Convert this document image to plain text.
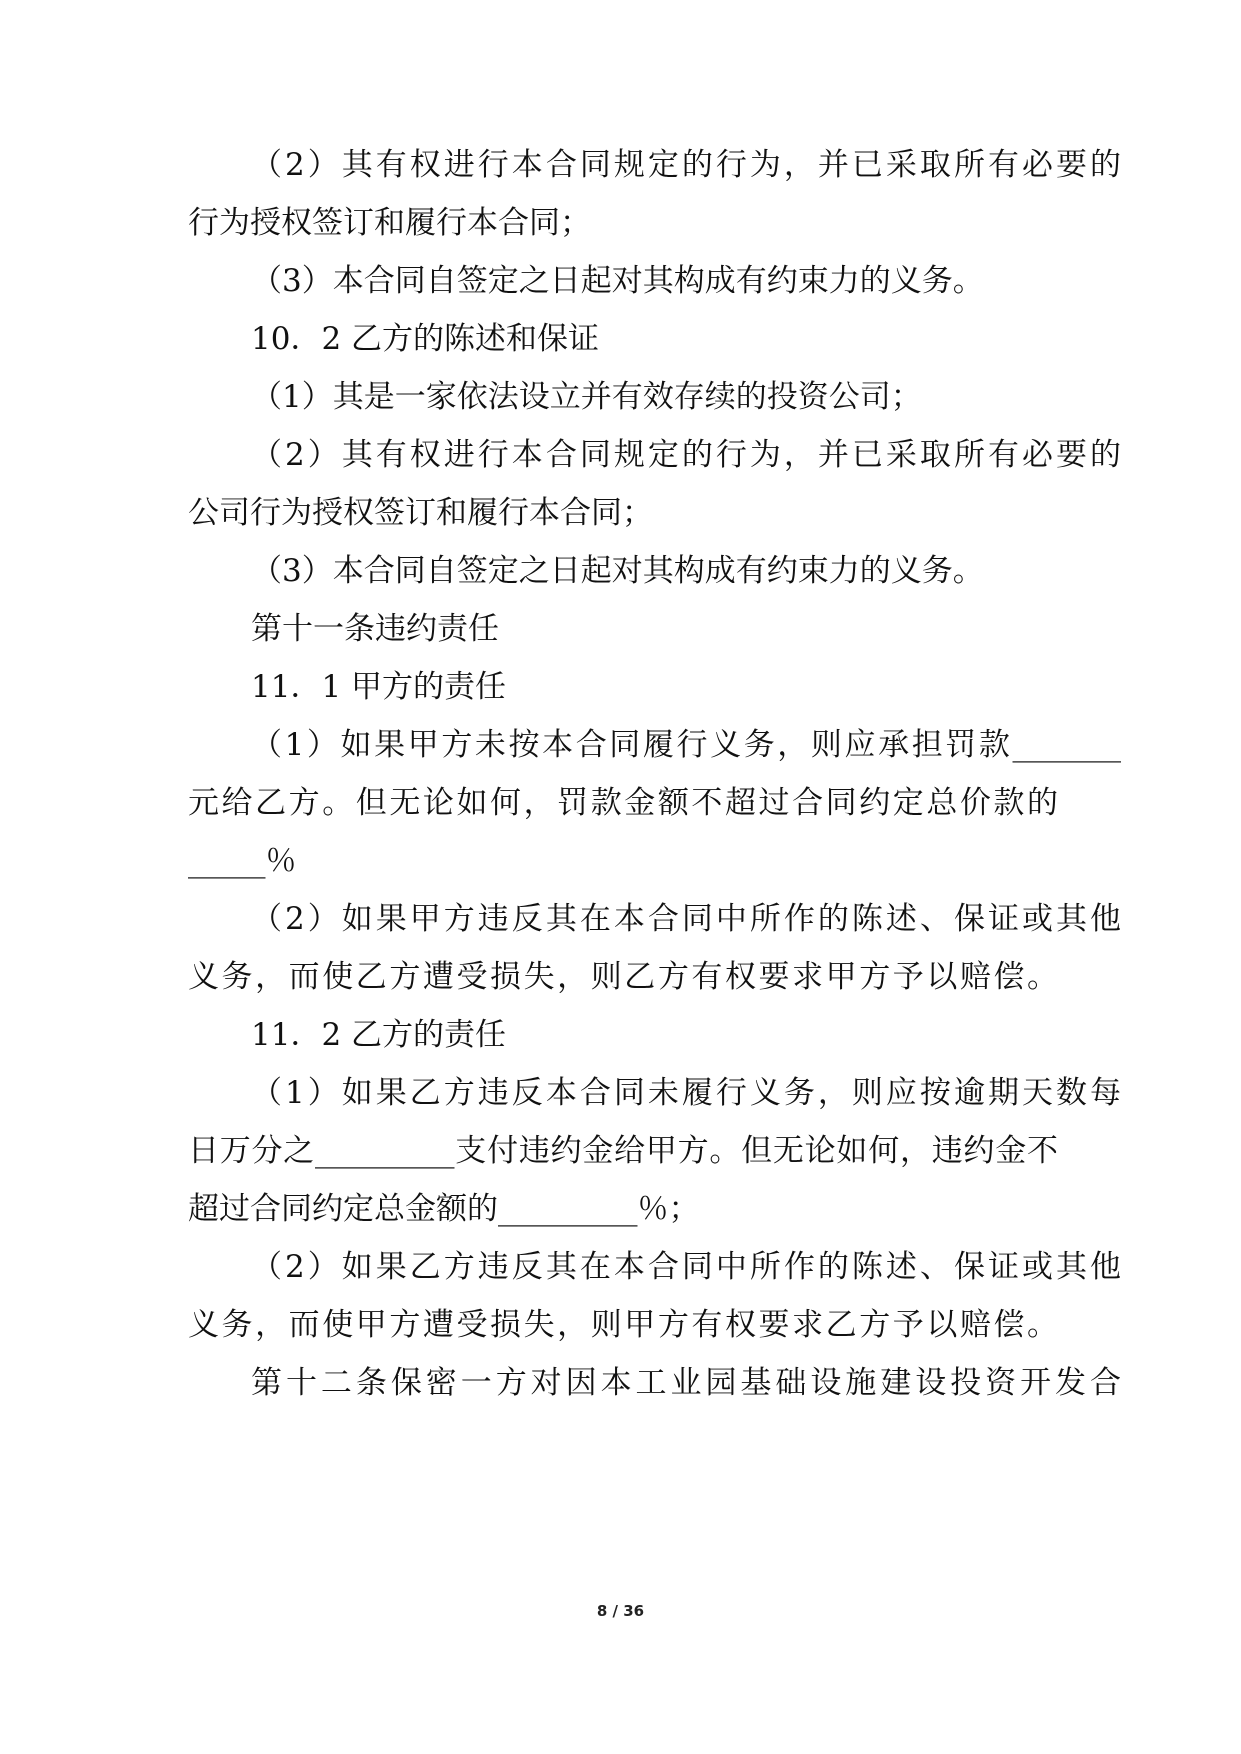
（2）其有权进行本合同规定的行为，并已采取所有必要的
行为授权签订和履行本合同；
（3）本合同自签定之日起对其构成有约束力的义务。
10．2 乙方的陈述和保证
（1）其是一家依法设立并有效存续的投资公司；
（2）其有权进行本合同规定的行为，并已采取所有必要的
公司行为授权签订和履行本合同；
（3）本合同自签定之日起对其构成有约束力的义务。
第十一条违约责任
11．1 甲方的责任
（1）如果甲方未按本合同履行义务，则应承担罚款_______
元给乙方。但无论如何，罚款金额不超过合同约定总价款的
_____％
（2）如果甲方违反其在本合同中所作的陈述、保证或其他
义务，而使乙方遭受损失，则乙方有权要求甲方予以赔偿。
11．2 乙方的责任
（1）如果乙方违反本合同未履行义务，则应按逾期天数每
日万分之_________支付违约金给甲方。但无论如何，违约金不
超过合同约定总金额的_________％；
（2）如果乙方违反其在本合同中所作的陈述、保证或其他
义务，而使甲方遭受损失，则甲方有权要求乙方予以赔偿。
第十二条保密一方对因本工业园基础设施建设投资开发合
8 / 36
